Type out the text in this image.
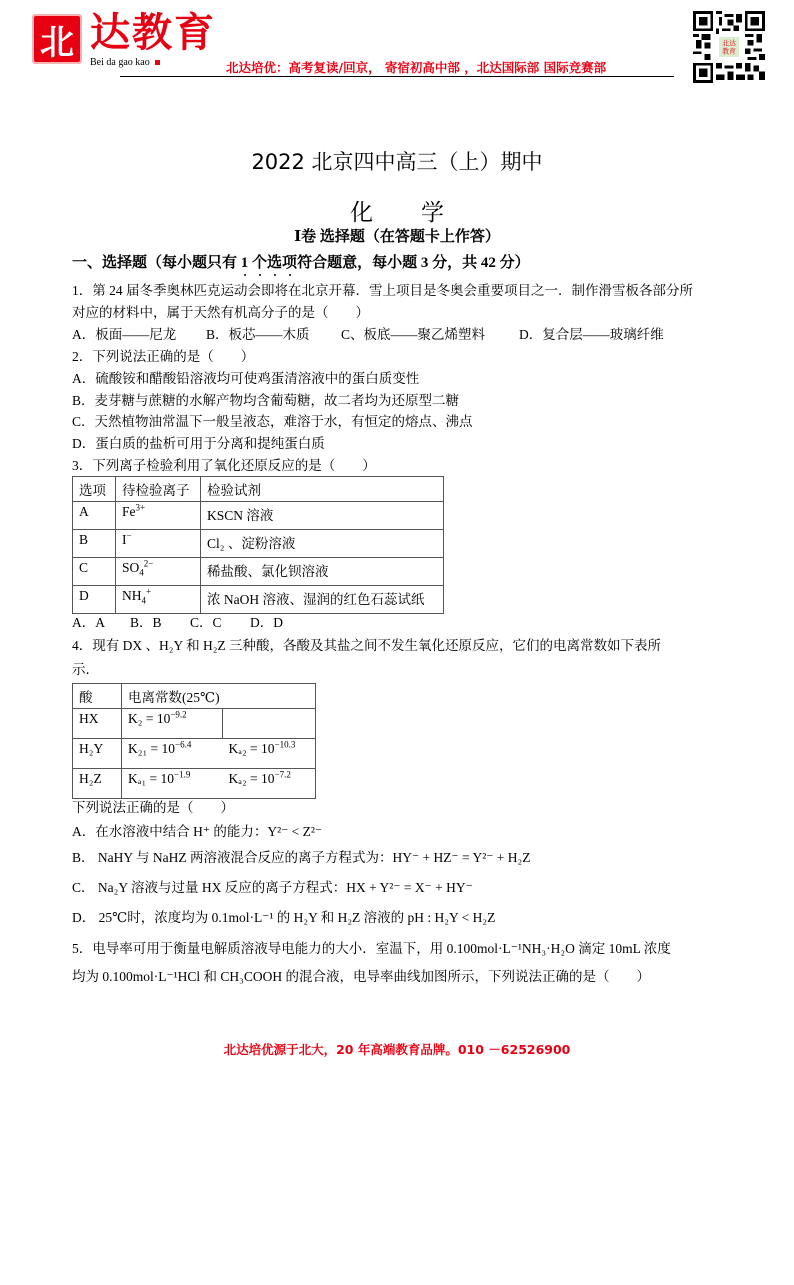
北 达教育
Bei da gao kao	北达培优：高考复读/回京， 寄宿初高中部 ，北达国际部 国际竞赛部
北达
教育
2022 北京四中高三（上）期中
化 学
Ⅰ卷 选择题（在答题卡上作答）
一、选择题（每小题只有 1 个选项符合题意，每小题 3 分，共 42 分）
1．第 24 届冬季奥林匹克运动会即将在北京开幕．雪上项目是冬奥会重要项目之一．制作滑雪板各部分所
对应的材料中，属于天然有机高分子的是（　　）
A．板面——尼龙 B．板芯——木质 C、板底——聚乙烯塑料	D．复合层——玻璃纤维
2．下列说法正确的是（　　）
A．硫酸铵和醋酸铅溶液均可使鸡蛋清溶液中的蛋白质变性
B．麦芽糖与蔗糖的水解产物均含葡萄糖，故二者均为还原型二糖
C．天然植物油常温下一般呈液态，难溶于水，有恒定的熔点、沸点
D．蛋白质的盐析可用于分离和提纯蛋白质
3．下列离子检验利用了氧化还原反应的是（　　）
选项	待检验离子	检验试剂
A	$Fe^{3+}$	KSCN 溶液
B	I−	Cl₂ 、淀粉溶液
C	$SO_4^{2-}$	稀盐酸、氯化钡溶液
D	$NH_4^+$	浓 NaOH 溶液、湿润的红色石蕊试纸
A．A B．B C．C D．D
4．现有 DX 、H₂Y 和 H₂Z 三种酸，各酸及其盐之间不发生氧化还原反应，它们的电离常数如下表所
示．
酸	电离常数(25℃)	
HX	$K_2 = 10^{-9.2}$	
H₂Y	$K_{21} = 10^{-6.4}$	$K_{a2} = 10^{-10.3}$
H₂Z	$K_{a1} = 10^{-1.9}$	$K_{a2} = 10^{-7.2}$
下列说法正确的是（　　）
A．在水溶液中结合 H⁺ 的能力：Y²⁻ < Z²⁻
B． NaHY 与 NaHZ 两溶液混合反应的离子方程式为：HY⁻ + HZ⁻ = Y²⁻ + H₂Z
C． Na₂Y 溶液与过量 HX 反应的离子方程式：HX + Y²⁻ = X⁻ + HY⁻
D． 25℃时，浓度均为 0.1mol·L⁻¹ 的 H₂Y 和 H₂Z 溶液的 pH : H₂Y < H₂Z
5．电导率可用于衡量电解质溶液导电能力的大小．室温下，用 0.100mol·L⁻¹NH₃·H₂O 滴定 10mL 浓度
均为 0.100mol·L⁻¹HCl 和 CH₃COOH 的混合液，电导率曲线加图所示，下列说法正确的是（　　）
北达培优源于北大，20 年高端教育品牌。010 －62526900
